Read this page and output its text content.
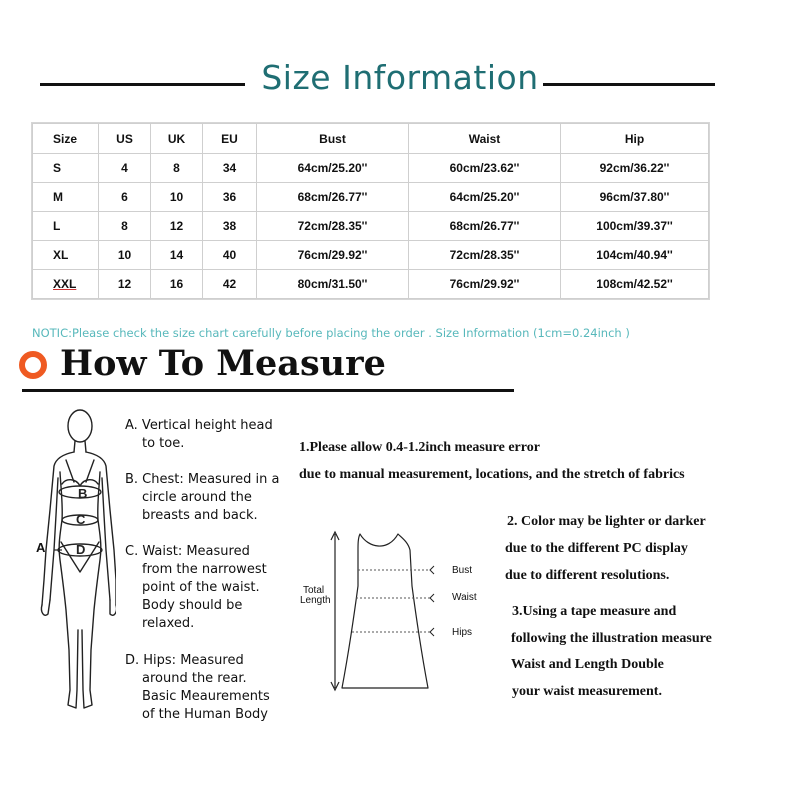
Size Information
Size	US	UK	EU	Bust	Waist	Hip
S	4	8	34	64cm/25.20''	60cm/23.62''	92cm/36.22''
M	6	10	36	68cm/26.77''	64cm/25.20''	96cm/37.80''
L	8	12	38	72cm/28.35''	68cm/26.77''	100cm/39.37''
XL	10	14	40	76cm/29.92''	72cm/28.35''	104cm/40.94''
XXL	12	16	42	80cm/31.50''	76cm/29.92''	108cm/42.52''
NOTIC:Please check the size chart carefully before placing the order . Size Information (1cm=0.24inch )
How To Measure
A
B
C
D
A. Vertical height head
to toe.
B. Chest: Measured in a
circle around the
breasts and back.
C. Waist: Measured
from the narrowest
point of the waist.
Body should be
relaxed.
D. Hips: Measured
around the rear.
Basic Meaurements
of the Human Body
1.Please allow 0.4-1.2inch measure error
due to manual measurement, locations, and the stretch of fabrics
2. Color may be lighter or darker
due to the different PC display
due to different resolutions.
3.Using a tape measure and
following the illustration measure
Waist and Length Double
your waist measurement.
Total
Length
Bust
Waist
Hips
